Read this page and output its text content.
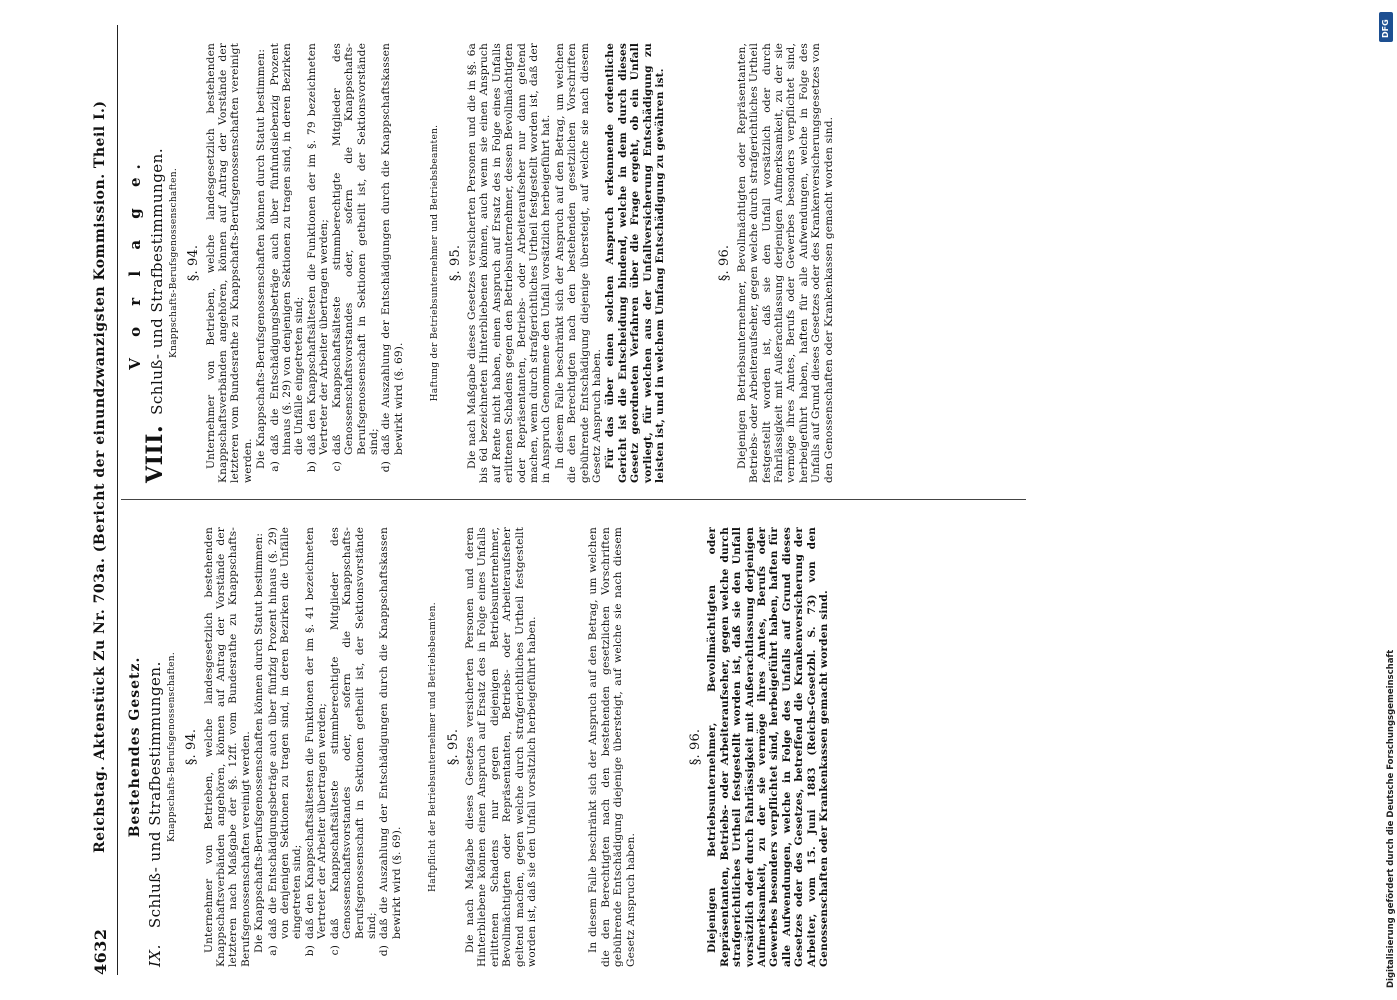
4632
Reichstag. Aktenstück Zu Nr. 703a. (Bericht der einundzwanzigsten Kommission. Theil I.) Bestehendes Gesetz.
IX.Schluß- und Strafbestimmungen. Knappschafts-Berufsgenossenschaften. §. 94. Unternehmer von Betrieben, welche landesgesetzlich bestehenden Knappschaftsverbänden angehören, können auf Antrag der Vorstände der letzteren nach Maßgabe der §§. 12ff. vom Bundesrathe zu Knappschafts-Berufsgenossenschaften vereinigt werden. Die Knappschafts-Berufsgenossenschaften können durch Statut bestimmen: a)
daß die Entschädigungsbeträge auch über fünfzig Prozent hinaus (§. 29) von denjenigen Sektionen zu tragen sind, in deren Bezirken die Unfälle eingetreten sind;
b)
daß den Knappschaftsältesten die Funktionen der im §. 41 bezeichneten Vertreter der Arbeiter übertragen werden;
c)
daß Knappschaftsälteste stimmberechtigte Mitglieder des Genossenschaftsvorstandes oder, sofern die Knappschafts-Berufsgenossenschaft in Sektionen getheilt ist, der Sektionsvorstände sind;
d)
daß die Auszahlung der Entschädigungen durch die Knappschaftskassen bewirkt wird (§. 69).	Haftpflicht der Betriebsunternehmer und Betriebsbeamten. §. 95. Die nach Maßgabe dieses Gesetzes versicherten Personen und deren Hinterbliebene können einen Anspruch auf Ersatz des in Folge eines Unfalls erlittenen Schadens nur gegen diejenigen Betriebsunternehmer, Bevollmächtigten oder Repräsentanten, Betriebs- oder Arbeiteraufseher geltend machen, gegen welche durch strafgerichtliches Urtheil festgestellt worden ist, daß sie den Unfall vorsätzlich herbeigeführt haben.	In diesem Falle beschränkt sich der Anspruch auf den Betrag, um welchen die den Berechtigten nach den bestehenden gesetzlichen Vorschriften gebührende Entschädigung diejenige übersteigt, auf welche sie nach diesem Gesetz Anspruch haben.

§. 96. Diejenigen Betriebsunternehmer, Bevollmächtigten oder Repräsentanten, Betriebs- oder Arbeiteraufseher, gegen welche durch strafgerichtliches Urtheil festgestellt worden ist, daß sie den Unfall vorsätzlich oder durch Fahrlässigkeit mit Außerachtlassung derjenigen Aufmerksamkeit, zu der sie vermöge ihres Amtes, Berufs oder Gewerbes besonders verpflichtet sind, herbeigeführt haben, haften für alle Aufwendungen, welche in Folge des Unfalls auf Grund dieses Gesetzes oder des Gesetzes, betreffend die Krankenversicherung der Arbeiter, vom 15. Juni 1883 (Reichs-Gesetzbl. S. 73) von den Genossenschaften oder Krankenkassen gemacht worden sind.

V o r l a g e.
VIII.Schluß- und Strafbestimmungen. Knappschafts-Berufsgenossenschaften. §. 94. Unternehmer von Betrieben, welche landesgesetzlich bestehenden Knappschaftsverbänden angehören, können auf Antrag der Vorstände der letzteren vom Bundesrathe zu Knappschafts-Berufsgenossenschaften vereinigt werden. Die Knappschafts-Berufsgenossenschaften können durch Statut bestimmen: a)
daß die Entschädigungsbeträge auch über fünfundsiebenzig Prozent hinaus (§. 29) von denjenigen Sektionen zu tragen sind, in deren Bezirken die Unfälle eingetreten sind;
b)
daß den Knappschaftsältesten die Funktionen der im §. 79 bezeichneten Vertreter der Arbeiter übertragen werden;
c)
daß Knappschaftsälteste stimmberechtigte Mitglieder des Genossenschaftsvorstandes oder, sofern die Knappschafts-Berufsgenossenschaft in Sektionen getheilt ist, der Sektionsvorstände sind;
d)
daß die Auszahlung der Entschädigungen durch die Knappschaftskassen bewirkt wird (§. 69).	Haftung der Betriebsunternehmer und Betriebsbeamten. §. 95. Die nach Maßgabe dieses Gesetzes versicherten Personen und die in §§. 6a bis 6d bezeichneten Hinterbliebenen können, auch wenn sie einen Anspruch auf Rente nicht haben, einen Anspruch auf Ersatz des in Folge eines Unfalls erlittenen Schadens gegen den Betriebsunternehmer, dessen Bevollmächtigten oder Repräsentanten, Betriebs- oder Arbeiteraufseher nur dann geltend machen, wenn durch strafgerichtliches Urtheil festgestellt worden ist, daß der in Anspruch Genommene den Unfall vorsätzlich herbeigeführt hat. In diesem Falle beschränkt sich der Anspruch auf den Betrag, um welchen die den Berechtigten nach den bestehenden gesetzlichen Vorschriften gebührende Entschädigung diejenige übersteigt, auf welche sie nach diesem Gesetz Anspruch haben. Für das über einen solchen Anspruch erkennende ordentliche Gericht ist die Entscheidung bindend, welche in dem durch dieses Gesetz geordneten Verfahren über die Frage ergeht, ob ein Unfall vorliegt, für welchen aus der Unfallversicherung Entschädigung zu leisten ist, und in welchem Umfang Entschädigung zu gewähren ist.	§. 96. Diejenigen Betriebsunternehmer, Bevollmächtigten oder Repräsentanten, Betriebs- oder Arbeiteraufseher, gegen welche durch strafgerichtliches Urtheil festgestellt worden ist, daß sie den Unfall vorsätzlich oder durch Fahrlässigkeit mit Außerachtlassung derjenigen Aufmerksamkeit, zu der sie vermöge ihres Amtes, Berufs oder Gewerbes besonders verpflichtet sind, herbeigeführt haben, haften für alle Aufwendungen, welche in Folge des Unfalls auf Grund dieses Gesetzes oder des Krankenversicherungsgesetzes von den Genossenschaften oder Krankenkassen gemacht worden sind.

DFG
Digitalisierung gefördert durch die Deutsche Forschungsgemeinschaft
